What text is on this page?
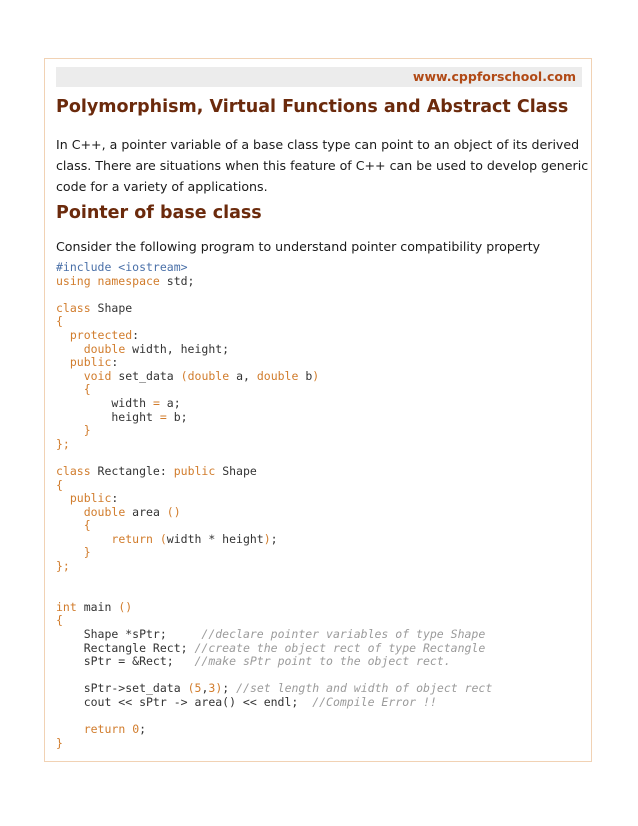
www.cppforschool.com
Polymorphism, Virtual Functions and Abstract Class

In C++, a pointer variable of a base class type can point to an object of its derived
class. There are situations when this feature of C++ can be used to develop generic
code for a variety of applications.

Pointer of base class

Consider the following program to understand pointer compatibility property

#include <iostream>
using namespace std;

class Shape
{
protected:
double width, height;
public:
void set_data (double a, double b)
{
width = a;
height = b;
}
};

class Rectangle: public Shape
{
public:
double area ()
{
return (width * height);
}
};

int main ()
{
Shape *sPtr;     //declare pointer variables of type Shape
Rectangle Rect; //create the object rect of type Rectangle
sPtr = &Rect;   //make sPtr point to the object rect.

sPtr->set_data (5,3); //set length and width of object rect
cout << sPtr -> area() << endl;  //Compile Error !!

return 0;
}
